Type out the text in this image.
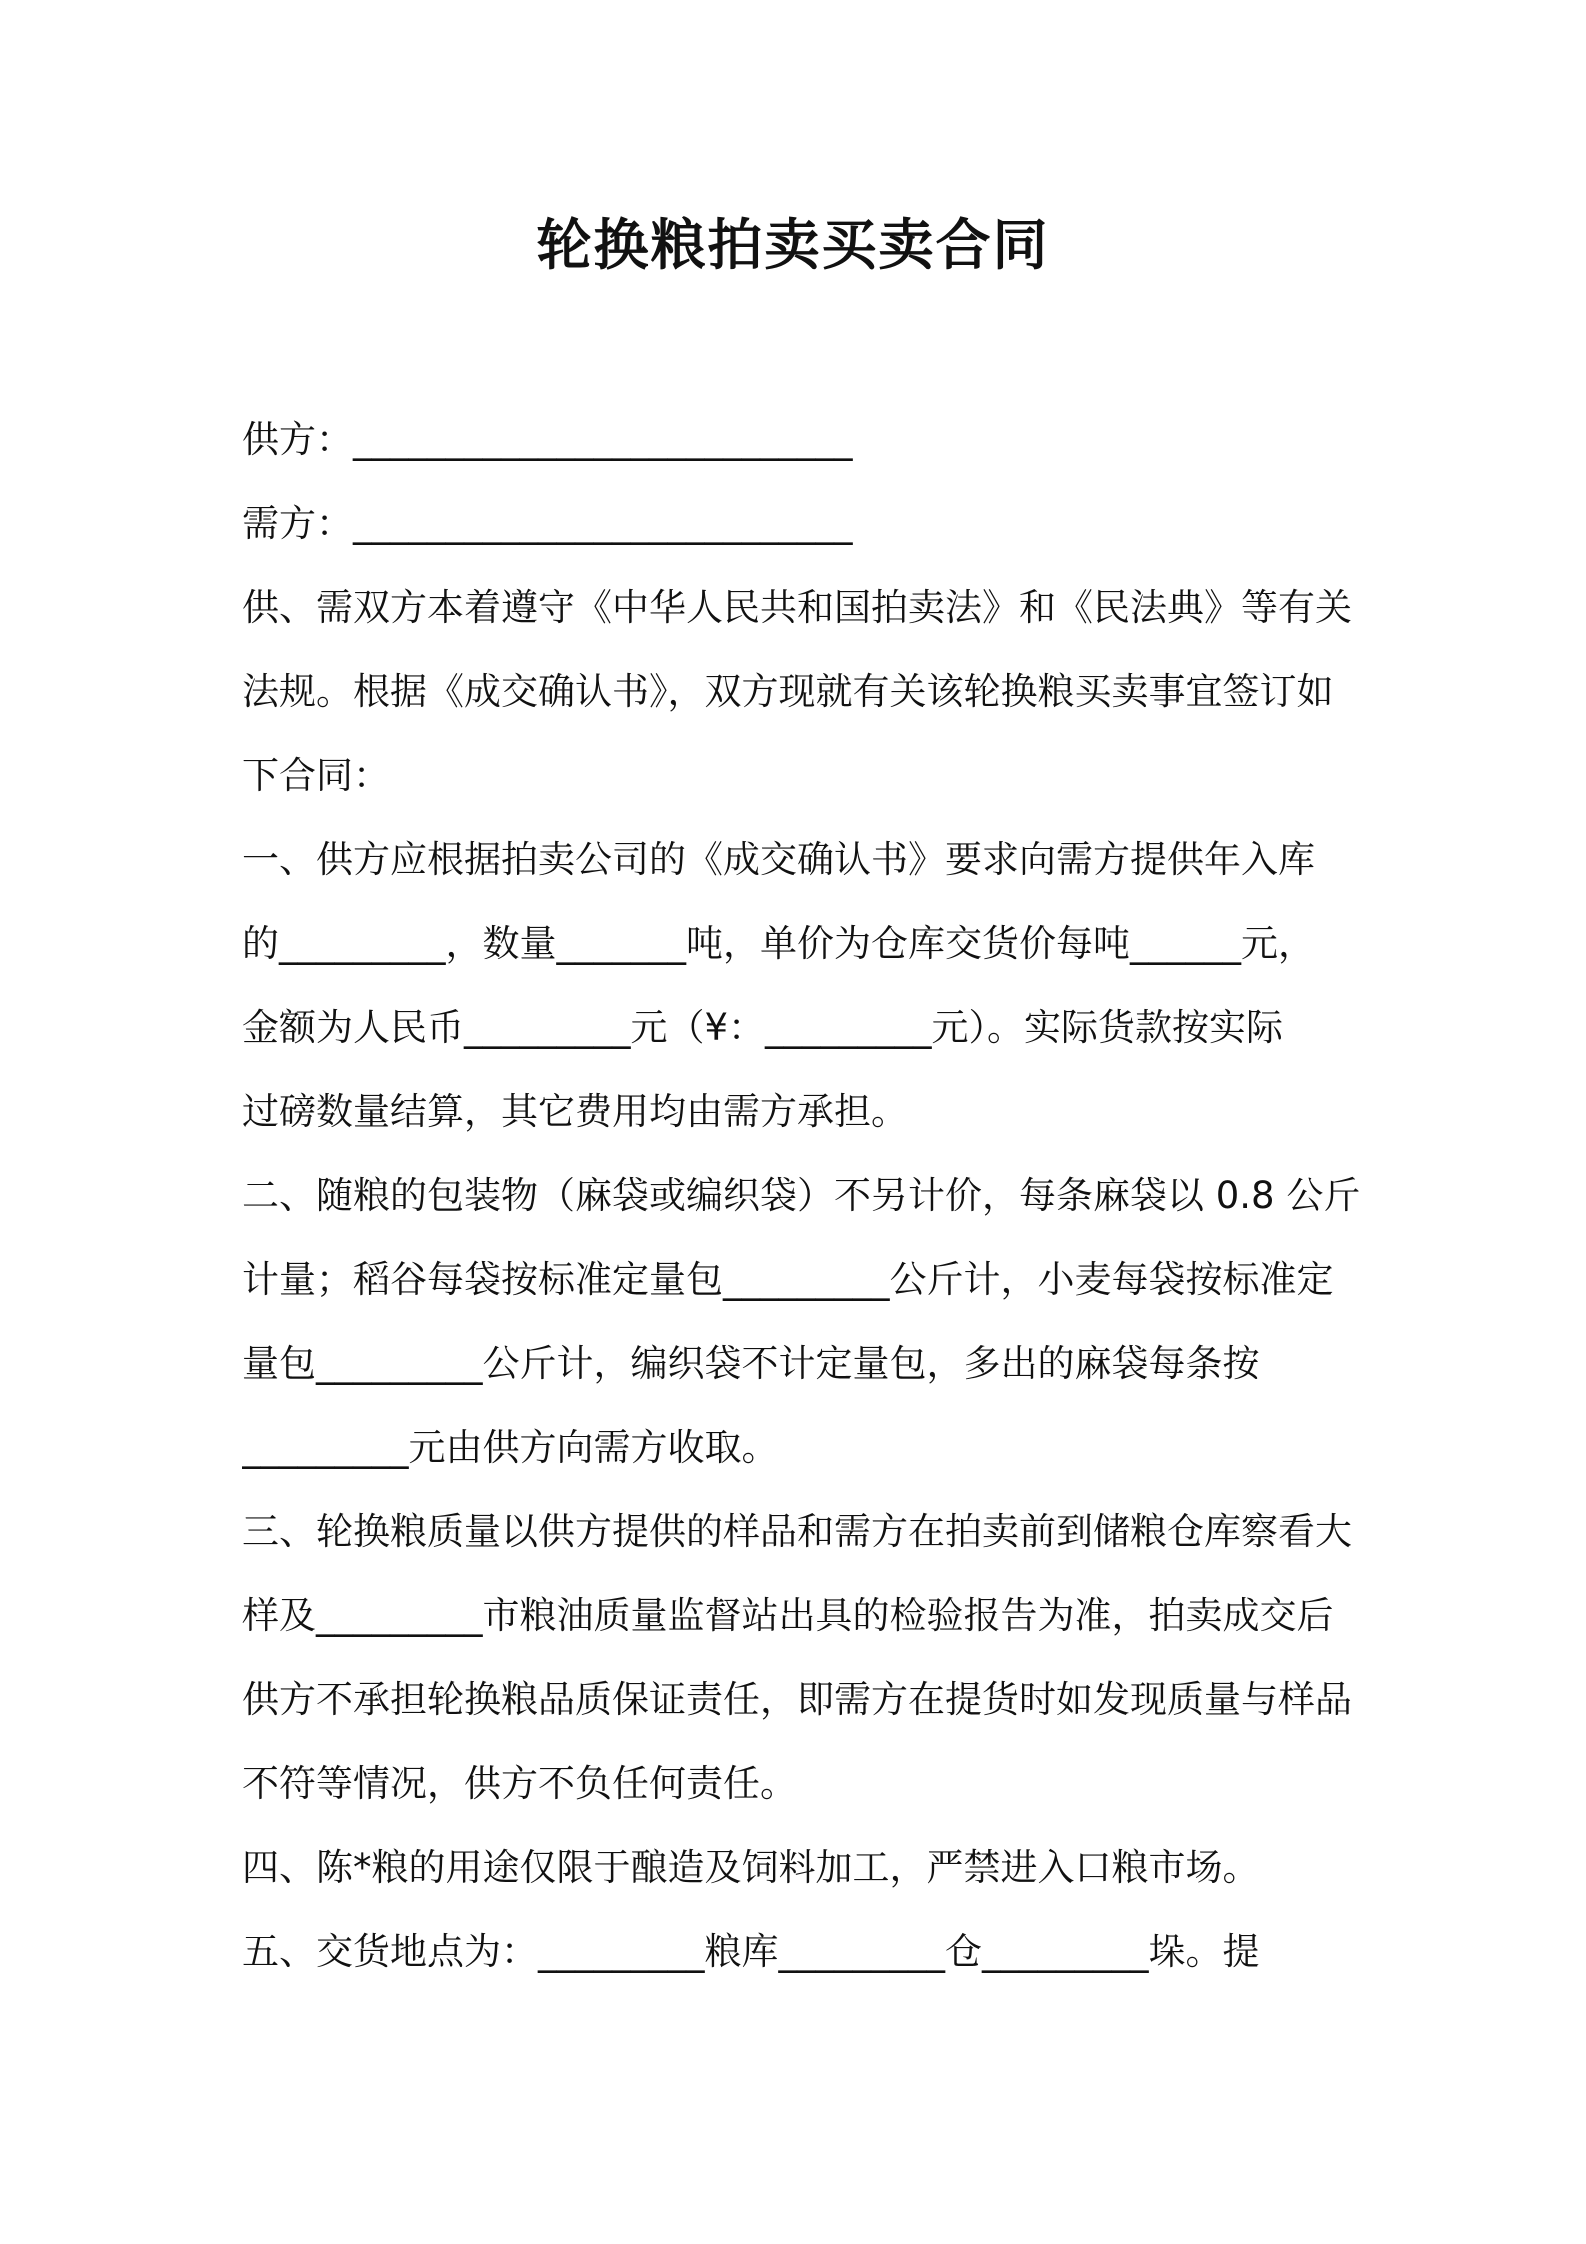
轮换粮拍卖买卖合同
供方：___________________________
需方：___________________________
供、需双方本着遵守《中华人民共和国拍卖法》和《民法典》等有关
法规。根据《成交确认书》，双方现就有关该轮换粮买卖事宜签订如
下合同：
一、供方应根据拍卖公司的《成交确认书》要求向需方提供年入库
的_________，数量_______吨，单价为仓库交货价每吨______元，
金额为人民币_________元（¥：_________元）。实际货款按实际
过磅数量结算，其它费用均由需方承担。
二、随粮的包装物（麻袋或编织袋）不另计价，每条麻袋以 0.8 公斤
计量；稻谷每袋按标准定量包_________公斤计，小麦每袋按标准定
量包_________公斤计，编织袋不计定量包，多出的麻袋每条按
_________元由供方向需方收取。
三、轮换粮质量以供方提供的样品和需方在拍卖前到储粮仓库察看大
样及_________市粮油质量监督站出具的检验报告为准，拍卖成交后
供方不承担轮换粮品质保证责任，即需方在提货时如发现质量与样品
不符等情况，供方不负任何责任。
四、陈*粮的用途仅限于酿造及饲料加工，严禁进入口粮市场。
五、交货地点为：_________粮库_________仓_________垛。提
